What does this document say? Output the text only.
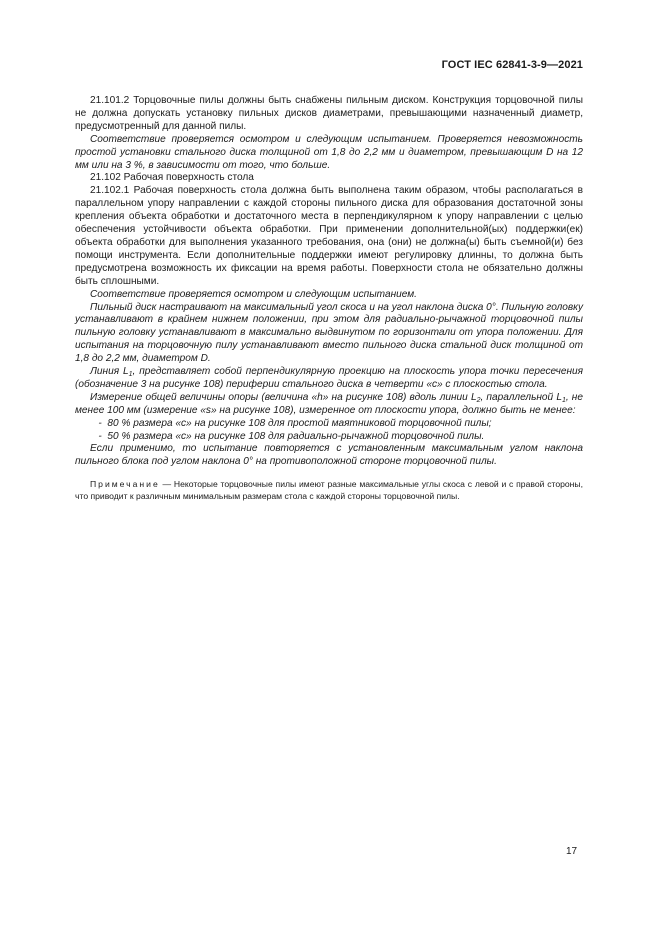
ГОСТ IEC 62841-3-9—2021

21.101.2 Торцовочные пилы должны быть снабжены пильным диском. Конструкция торцовочной пилы не должна допускать установку пильных дисков диаметрами, превышающими назначенный диаметр, предусмотренный для данной пилы.

Соответствие проверяется осмотром и следующим испытанием. Проверяется невозможность простой установки стального диска толщиной от 1,8 до 2,2 мм и диаметром, превышающим D на 12 мм или на 3 %, в зависимости от того, что больше.

21.102 Рабочая поверхность стола

21.102.1 Рабочая поверхность стола должна быть выполнена таким образом, чтобы располагаться в параллельном упору направлении с каждой стороны пильного диска для образования достаточной зоны крепления объекта обработки и достаточного места в перпендикулярном к упору направлении с целью обеспечения устойчивости объекта обработки. При применении дополнительной(ых) поддержки(ек) объекта обработки для выполнения указанного требования, она (они) не должна(ы) быть съемной(и) без помощи инструмента. Если дополнительные поддержки имеют регулировку длинны, то должна быть предусмотрена возможность их фиксации на время работы. Поверхности стола не обязательно должны быть сплошными.

Соответствие проверяется осмотром и следующим испытанием.

Пильный диск настраивают на максимальный угол скоса и на угол наклона диска 0°. Пильную головку устанавливают в крайнем нижнем положении, при этом для радиально-рычажной торцовочной пилы пильную головку устанавливают в максимально выдвинутом по горизонтали от упора положении. Для испытания на торцовочную пилу устанавливают вместо пильного диска стальной диск толщиной от 1,8 до 2,2 мм, диаметром D.

Линия $L_1$, представляет собой перпендикулярную проекцию на плоскость упора точки пересечения (обозначение 3 на рисунке 108) периферии стального диска в четверти «с» с плоскостью стола.

Измерение общей величины опоры (величина «h» на рисунке 108) вдоль линии $L_2$, параллельной $L_1$, не менее 100 мм (измерение «s» на рисунке 108), измеренное от плоскости упора, должно быть не менее:

- 80 % размера «с» на рисунке 108 для простой маятниковой торцовочной пилы;

- 50 % размера «с» на рисунке 108 для радиально-рычажной торцовочной пилы.

Если применимо, то испытание повторяется с установленным максимальным углом наклона пильного блока под углом наклона 0° на противоположной стороне торцовочной пилы.

Примечание — Некоторые торцовочные пилы имеют разные максимальные углы скоса с левой и с правой стороны, что приводит к различным минимальным размерам стола с каждой стороны торцовочной пилы.

17
